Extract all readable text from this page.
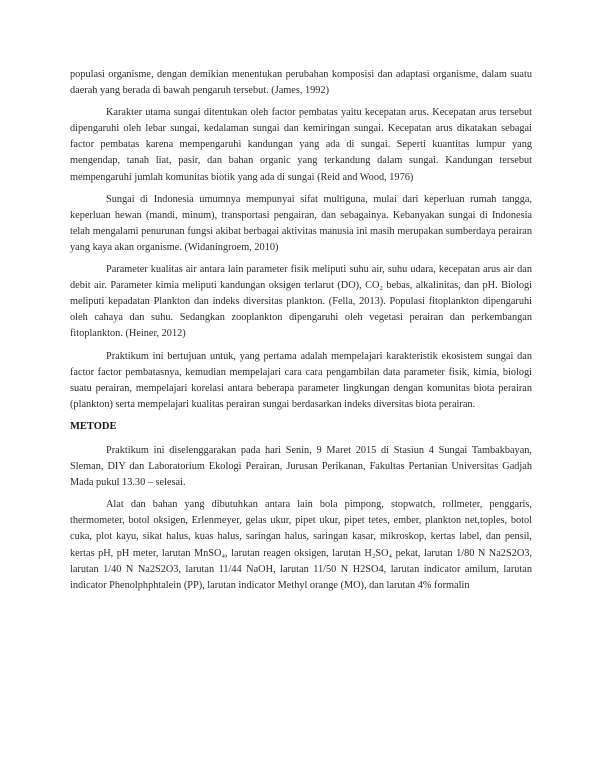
populasi organisme, dengan demikian menentukan perubahan komposisi dan adaptasi organisme, dalam suatu daerah yang berada di bawah pengaruh tersebut. (James, 1992)

Karakter utama sungai ditentukan oleh factor pembatas yaitu kecepatan arus. Kecepatan arus tersebut dipengaruhi oleh lebar sungai, kedalaman sungai dan kemiringan sungai. Kecepatan arus dikatakan sebagai factor pembatas karena mempengaruhi kandungan yang ada di sungai. Seperti kuantitas lumpur yang mengendap, tanah liat, pasir, dan bahan organic yang terkandung dalam sungai. Kandungan tersebut mempengaruhi jumlah komunitas biotik yang ada di sungai (Reid and Wood, 1976)

Sungai di Indonesia umumnya mempunyai sifat multiguna, mulai dari keperluan rumah tangga, keperluan hewan (mandi, minum), transportasi pengairan, dan sebagainya. Kebanyakan sungai di Indonesia telah mengalami penurunan fungsi akibat berbagai aktivitas manusia ini masih merupakan sumberdaya perairan yang kaya akan organisme. (Widaningroem, 2010)

Parameter kualitas air antara lain parameter fisik meliputi suhu air, suhu udara, kecepatan arus air dan debit air. Parameter kimia meliputi kandungan oksigen terlarut (DO), CO₂ bebas, alkalinitas, dan pH. Biologi meliputi kepadatan Plankton dan indeks diversitas plankton. (Fella, 2013). Populasi fitoplankton dipengaruhi oleh cahaya dan suhu. Sedangkan zooplankton dipengaruhi oleh vegetasi perairan dan perkembangan fitoplankton. (Heiner, 2012)

Praktikum ini bertujuan untuk, yang pertama adalah mempelajari karakteristik ekosistem sungai dan factor factor pembatasnya, kemudian mempelajari cara cara pengambilan data parameter fisik, kimia, biologi suatu perairan, mempelajari korelasi antara beberapa parameter lingkungan dengan komunitas biota perairan (plankton) serta mempelajari kualitas perairan sungai berdasarkan indeks diversitas biota perairan.

METODE

Praktikum ini diselenggarakan pada hari Senin, 9 Maret 2015 di Stasiun 4 Sungai Tambakbayan, Sleman, DIY dan Laboratorium Ekologi Perairan, Jurusan Perikanan, Fakultas Pertanian Universitas Gadjah Mada pukul 13.30 – selesai.

Alat dan bahan yang dibutuhkan antara lain bola pimpong, stopwatch, rollmeter, penggaris, thermometer, botol oksigen, Erlenmeyer, gelas ukur, pipet ukur, pipet tetes, ember, plankton net,toples, botol cuka, plot kayu, sikat halus, kuas halus, saringan halus, saringan kasar, mikroskop, kertas label, dan pensil, kertas pH, pH meter, larutan MnSO₄, larutan reagen oksigen, larutan H₂SO₄ pekat, larutan 1/80 N Na2S2O3, larutan 1/40 N Na2S2O3, larutan 11/44 NaOH, larutan 11/50 N H2SO4, larutan indicator amilum, larutan indicator Phenolphphtalein (PP), larutan indicator Methyl orange (MO), dan larutan 4% formalin
